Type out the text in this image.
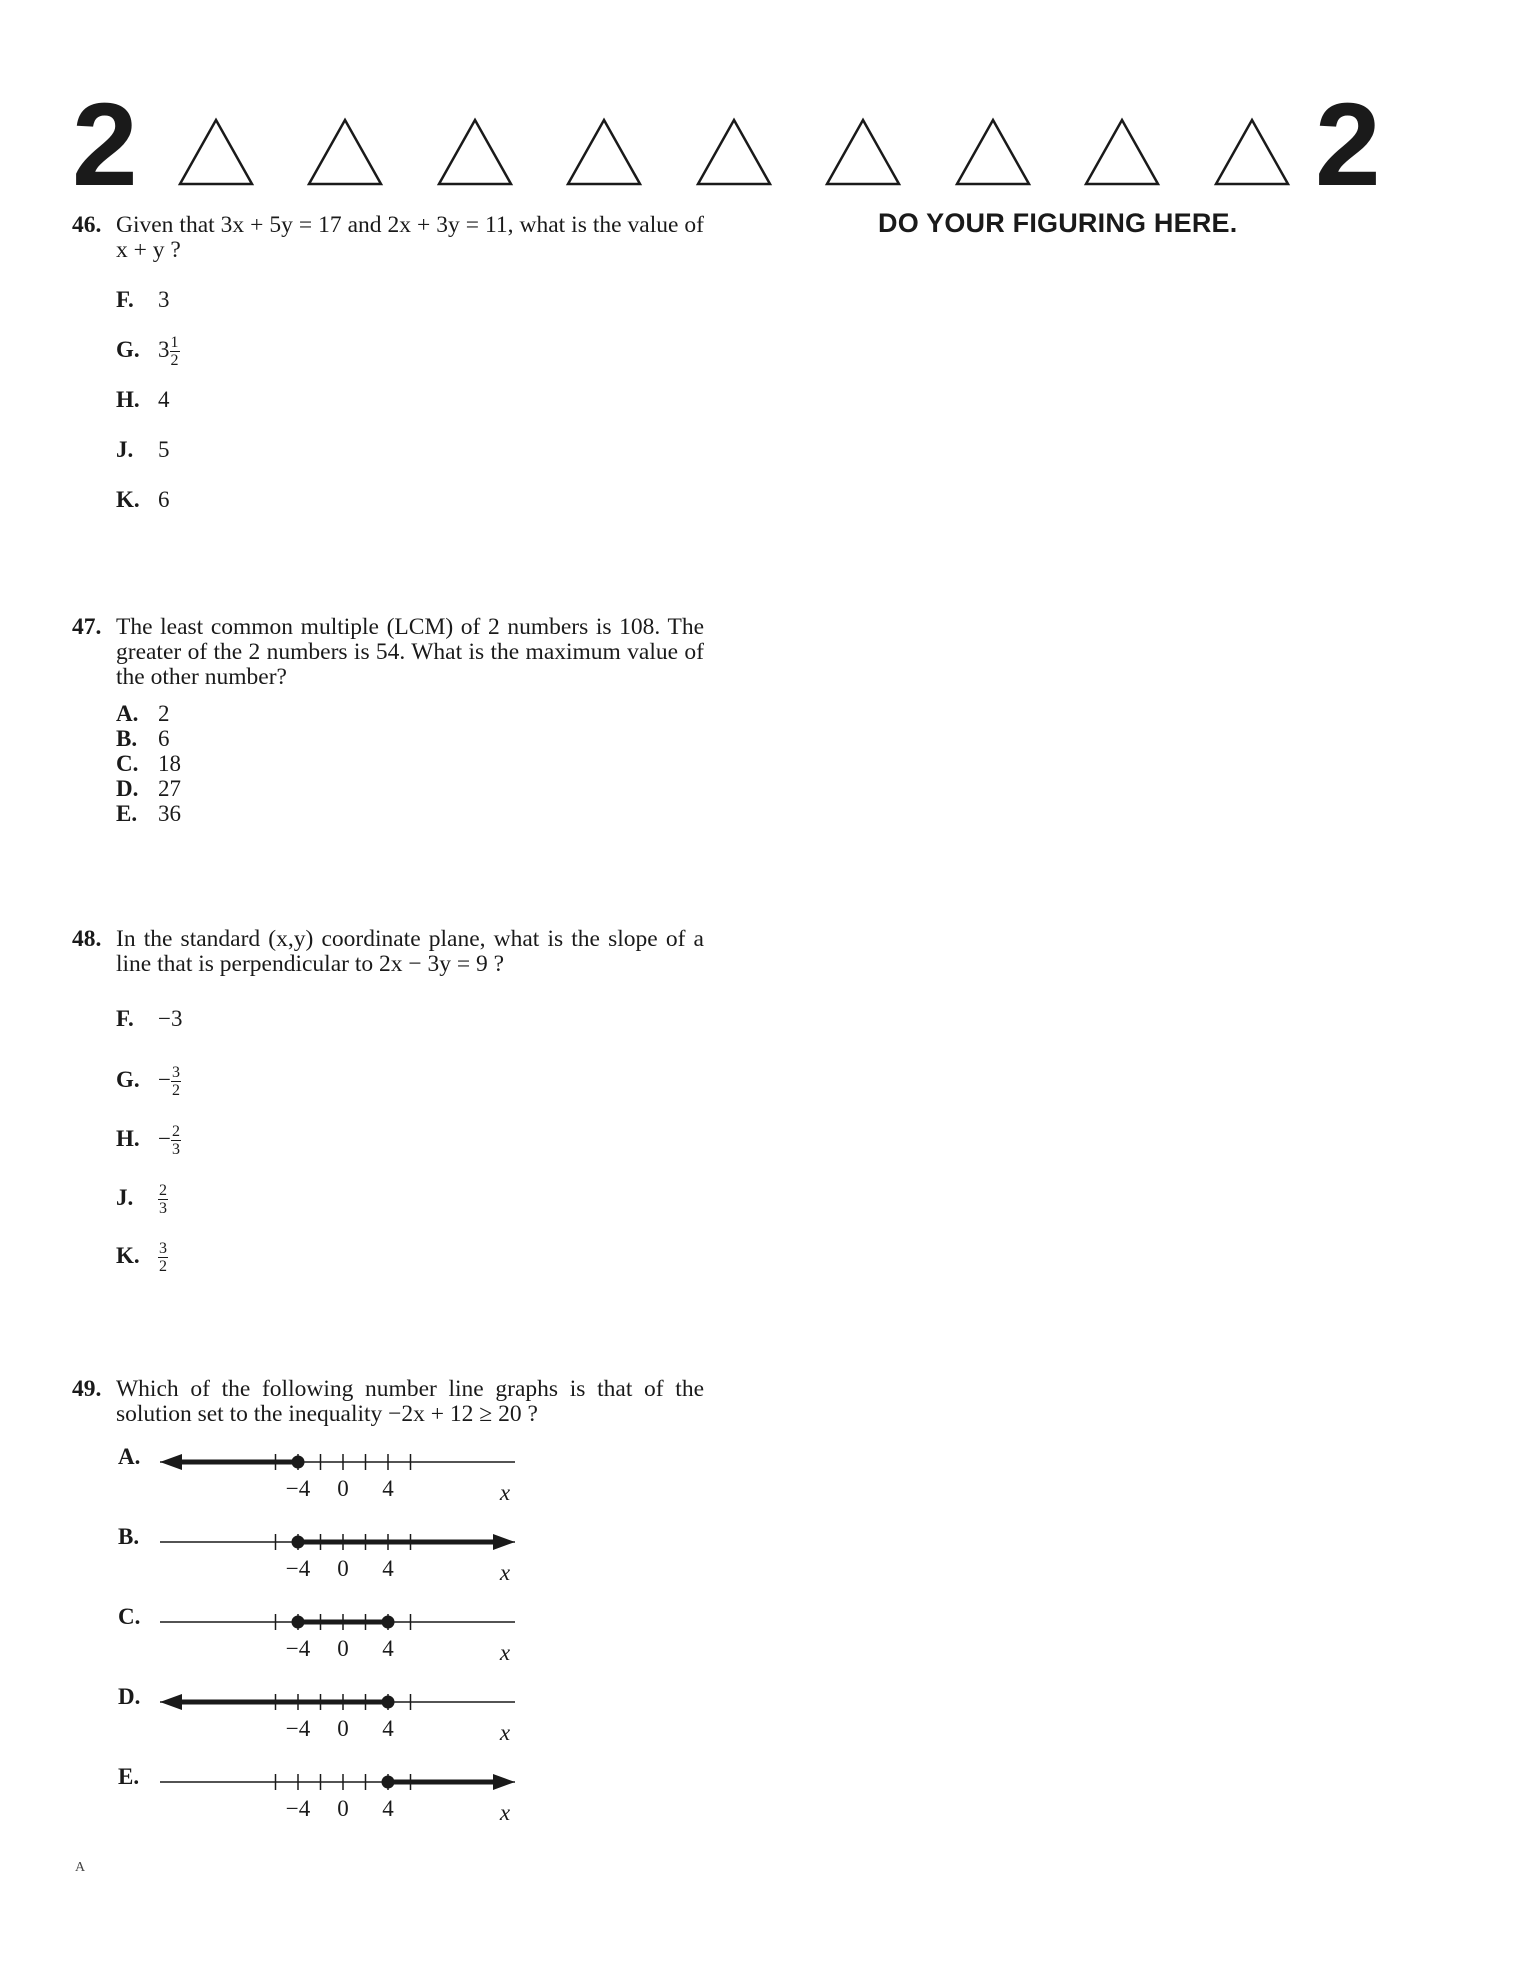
2	2
DO YOUR FIGURING HERE.
46. Given that 3x + 5y = 17 and 2x + 3y = 11, what is the value of x + y ?
F. 3
G. $3 \frac{1}{2}$
H. 4
J. 5
K. 6
47. The least common multiple (LCM) of 2 numbers is 108. The greater of the 2 numbers is 54. What is the maximum value of the other number?
A. 2
B. 6
C. 18
D. 27
E. 36
48. In the standard (x,y) coordinate plane, what is the slope of a line that is perpendicular to 2x − 3y = 9 ?
F. −3
G. − $\frac{3}{2}$
H. − $\frac{2}{3}$
J. $\frac{2}{3}$
K. $\frac{3}{2}$
49. Which of the following number line graphs is that of the solution set to the inequality −2x + 12 ≥ 20 ?
A.
−4 0 4	x
B.
−4 0 4	x
C.
−4 0 4	x
D.
−4 0 4	x
E.
−4 0 4	x
A
